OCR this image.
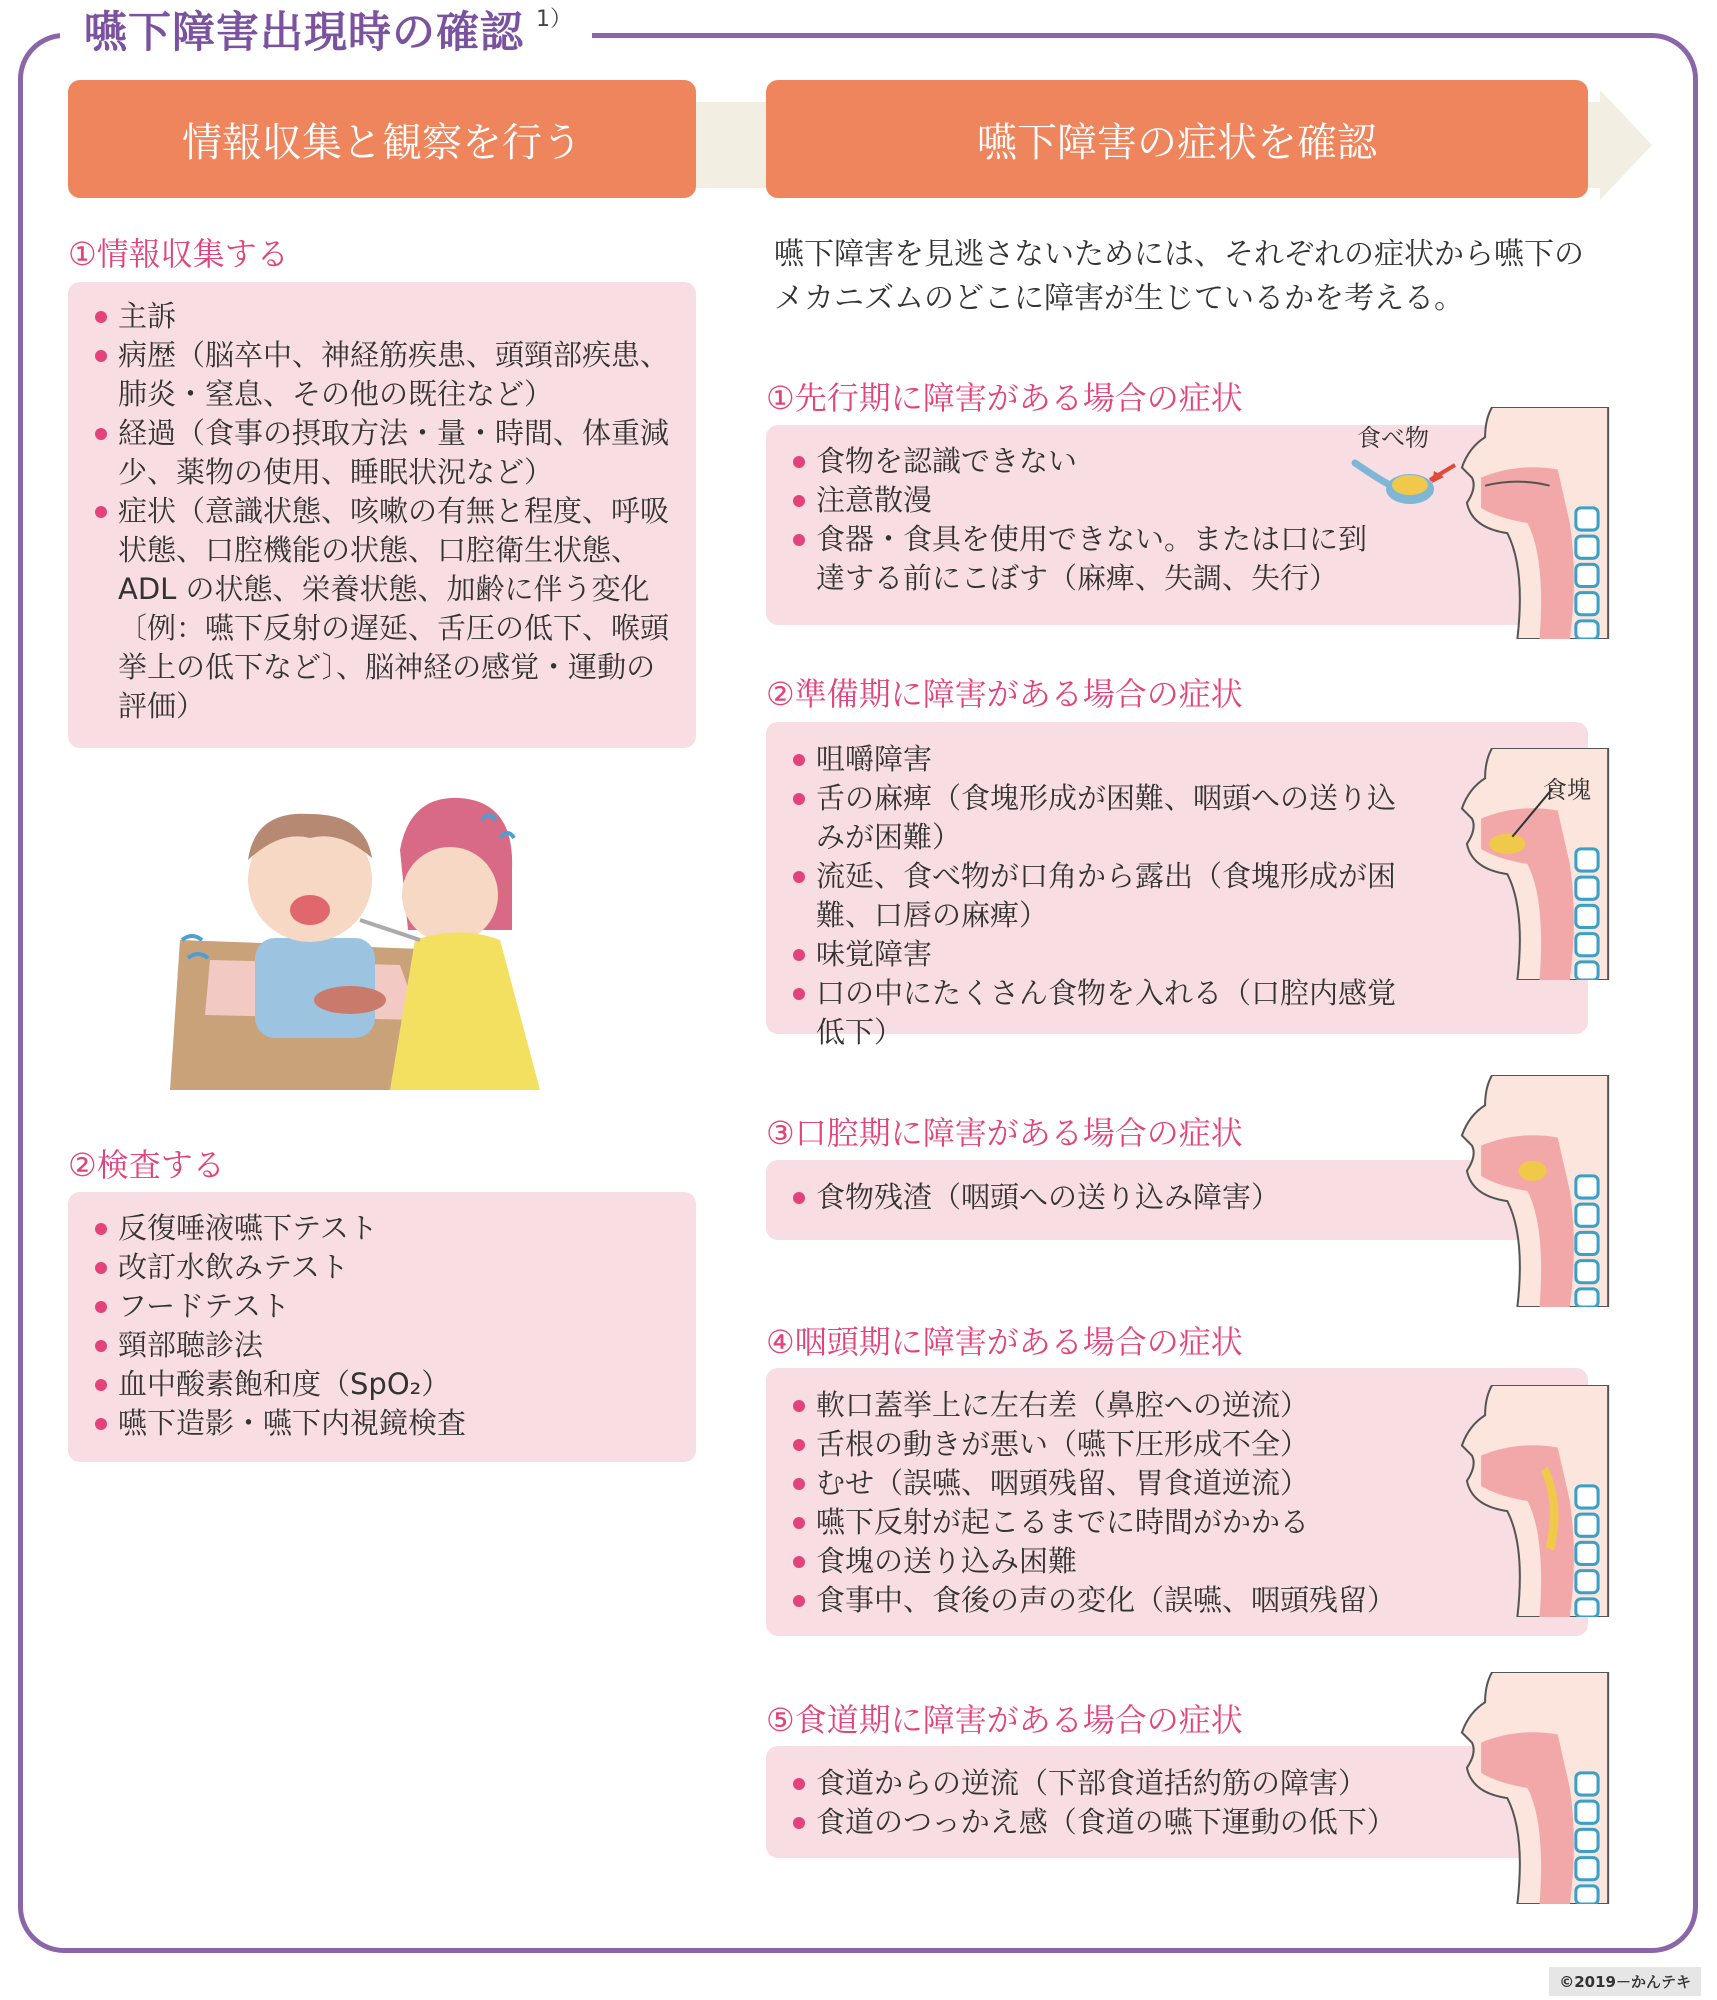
嚥下障害出現時の確認 1）
情報収集と観察を行う	嚥下障害の症状を確認
①情報収集する
主訴
病歴（脳卒中、神経筋疾患、頭頸部疾患、肺炎・窒息、その他の既往など）
経過（食事の摂取方法・量・時間、体重減少、薬物の使用、睡眠状況など）
症状（意識状態、咳嗽の有無と程度、呼吸状態、口腔機能の状態、口腔衛生状態、ADL の状態、栄養状態、加齢に伴う変化〔例：嚥下反射の遅延、舌圧の低下、喉頭挙上の低下など〕、脳神経の感覚・運動の評価）
②検査する
反復唾液嚥下テスト
改訂水飲みテスト
フードテスト
頸部聴診法
血中酸素飽和度（SpO₂）
嚥下造影・嚥下内視鏡検査
嚥下障害を見逃さないためには、それぞれの症状から嚥下のメカニズムのどこに障害が生じているかを考える。
①先行期に障害がある場合の症状
食物を認識できない
注意散漫
食器・食具を使用できない。または口に到達する前にこぼす（麻痺、失調、失行）
食べ物
②準備期に障害がある場合の症状
咀嚼障害
舌の麻痺（食塊形成が困難、咽頭への送り込みが困難）
流延、食べ物が口角から露出（食塊形成が困難、口唇の麻痺）
味覚障害
口の中にたくさん食物を入れる（口腔内感覚低下）
食塊
③口腔期に障害がある場合の症状
食物残渣（咽頭への送り込み障害）
④咽頭期に障害がある場合の症状
軟口蓋挙上に左右差（鼻腔への逆流）
舌根の動きが悪い（嚥下圧形成不全）
むせ（誤嚥、咽頭残留、胃食道逆流）
嚥下反射が起こるまでに時間がかかる
食塊の送り込み困難
食事中、食後の声の変化（誤嚥、咽頭残留）
⑤食道期に障害がある場合の症状
食道からの逆流（下部食道括約筋の障害）
食道のつっかえ感（食道の嚥下運動の低下）
©2019－かんテキ
